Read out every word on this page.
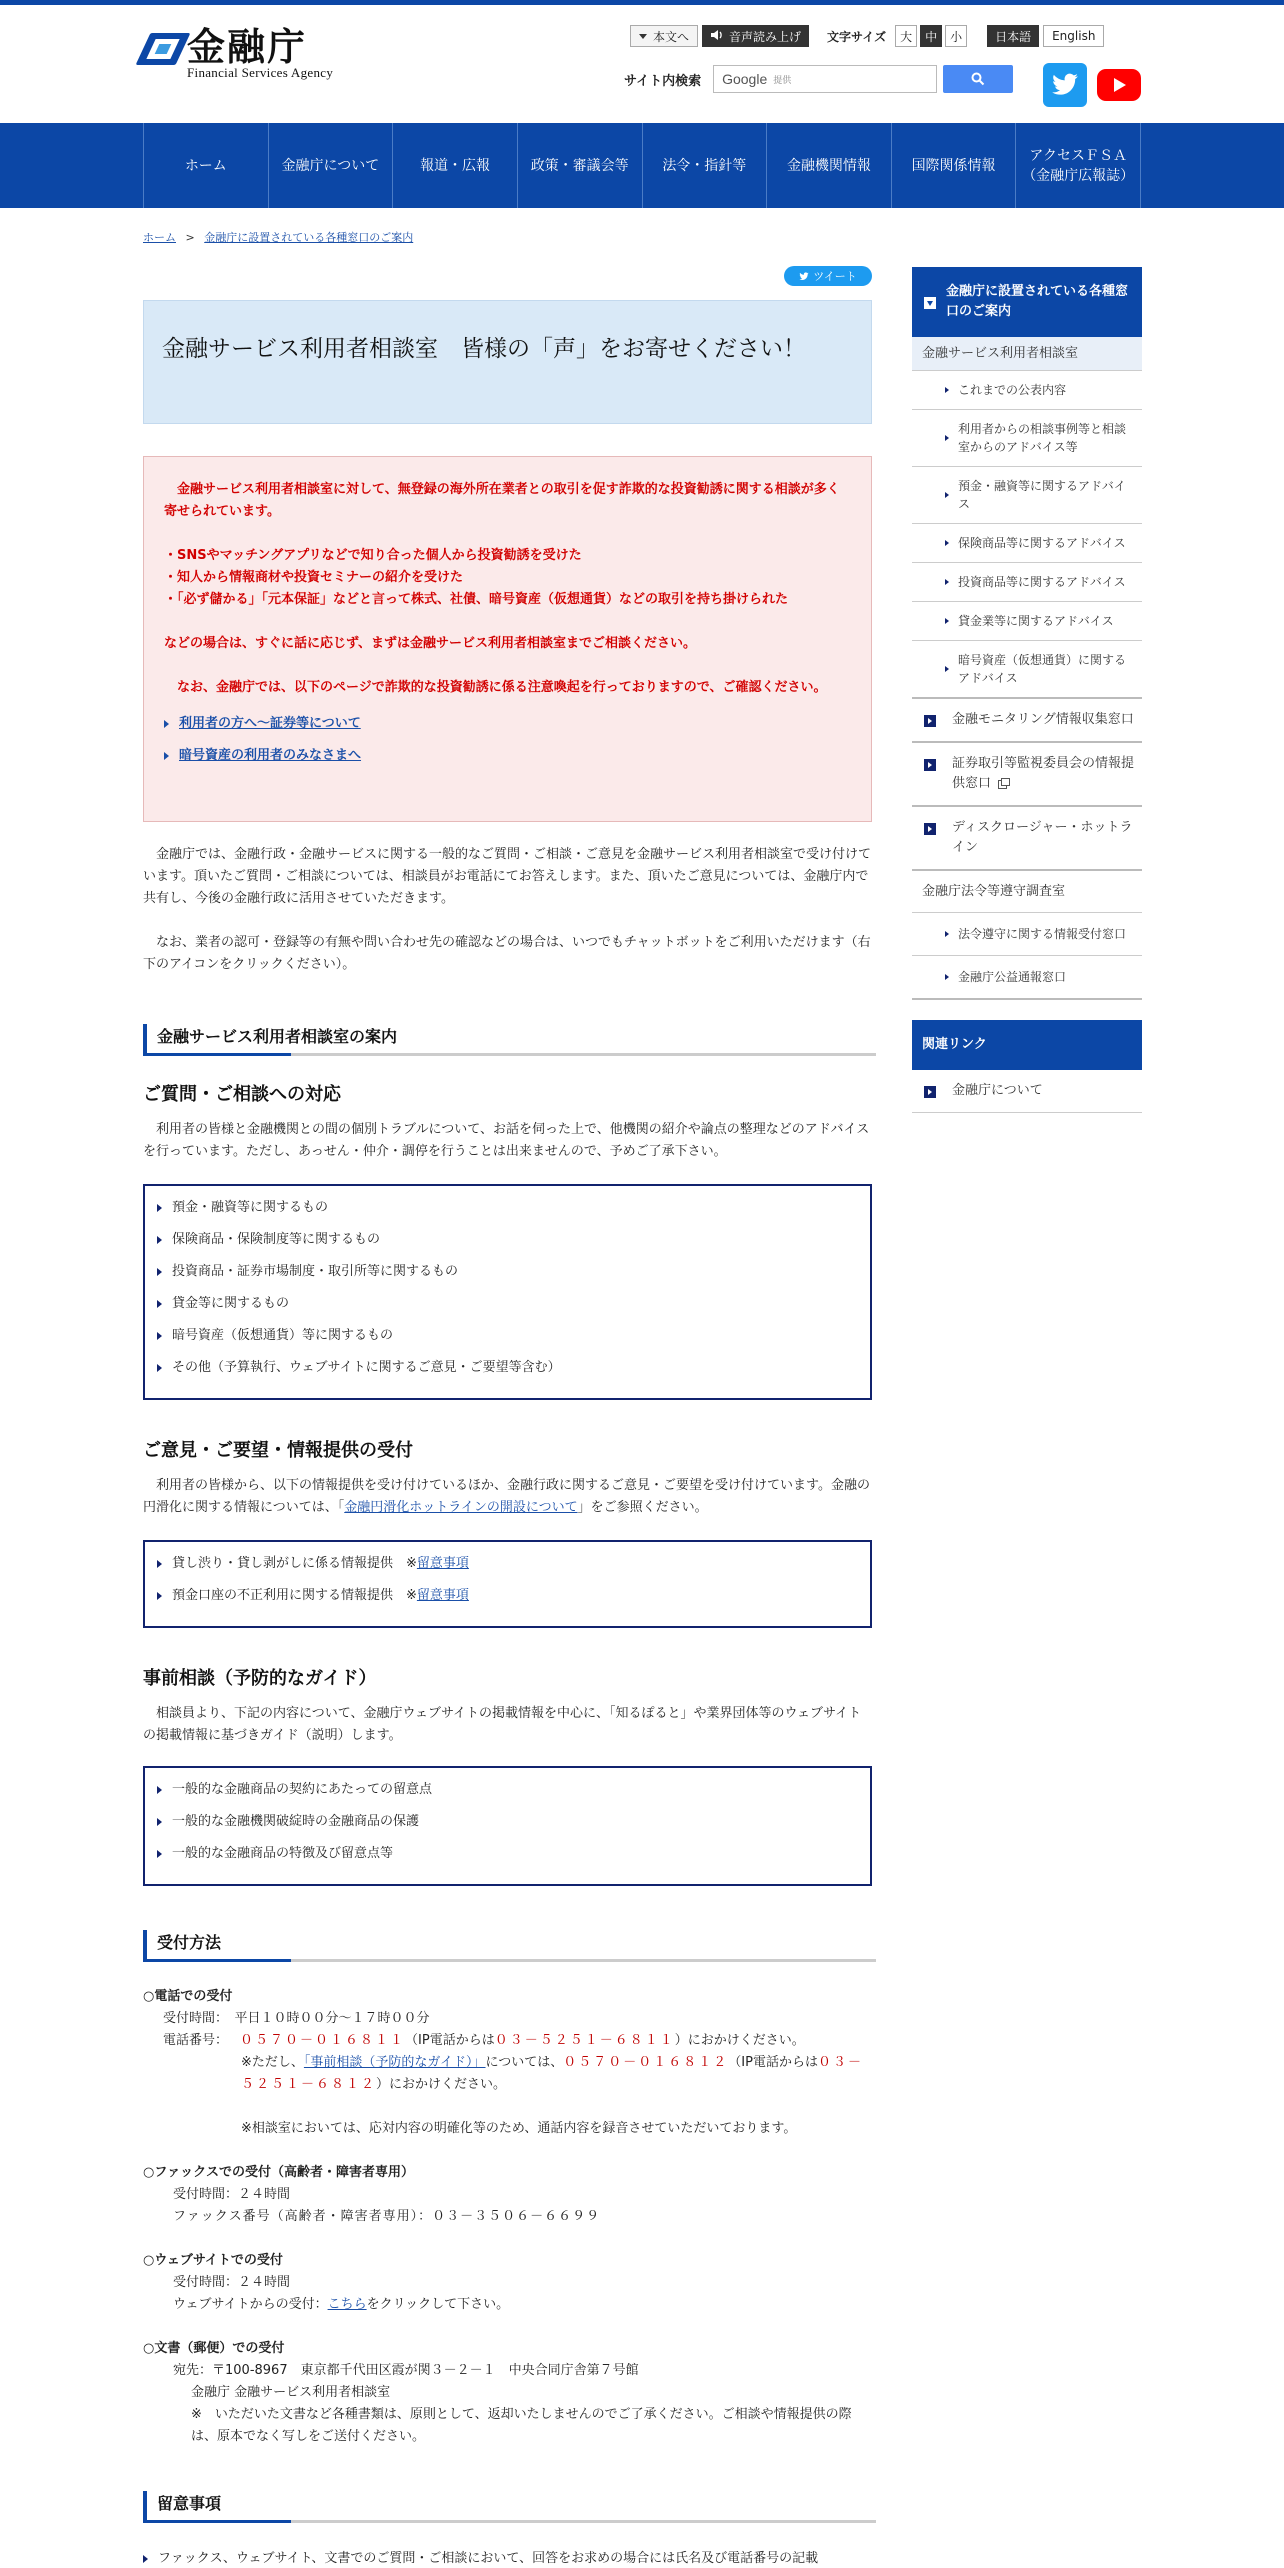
金融庁
Financial Services Agency
本文へ	音声読み上げ 文字サイズ	大	中	小	日本語	English
サイト内検索 Google 提供
ホーム	金融庁について	報道・広報	政策・審議会等	法令・指針等	金融機関情報	国際関係情報
アクセスＦＳＡ
（金融庁広報誌）
ホーム > 金融庁に設置されている各種窓口のご案内
ツイート
金融サービス利用者相談室　皆様の「声」をお寄せください！

金融サービス利用者相談室に対して、無登録の海外所在業者との取引を促す詐欺的な投資勧誘に関する相談が多く寄せられています。

・SNSやマッチングアプリなどで知り合った個人から投資勧誘を受けた

・知人から情報商材や投資セミナーの紹介を受けた

・「必ず儲かる」「元本保証」などと言って株式、社債、暗号資産（仮想通貨）などの取引を持ち掛けられた

などの場合は、すぐに話に応じず、まずは金融サービス利用者相談室までご相談ください。

なお、金融庁では、以下のページで詐欺的な投資勧誘に係る注意喚起を行っておりますので、ご確認ください。

利用者の方へ～証券等について
暗号資産の利用者のみなさまへ

金融庁では、金融行政・金融サービスに関する一般的なご質問・ご相談・ご意見を金融サービス利用者相談室で受け付けています。頂いたご質問・ご相談については、相談員がお電話にてお答えします。また、頂いたご意見については、金融庁内で共有し、今後の金融行政に活用させていただきます。

なお、業者の認可・登録等の有無や問い合わせ先の確認などの場合は、いつでもチャットボットをご利用いただけます（右下のアイコンをクリックください）。

金融サービス利用者相談室の案内
ご質問・ご相談への対応

利用者の皆様と金融機関との間の個別トラブルについて、お話を伺った上で、他機関の紹介や論点の整理などのアドバイスを行っています。ただし、あっせん・仲介・調停を行うことは出来ませんので、予めご了承下さい。

預金・融資等に関するもの
保険商品・保険制度等に関するもの
投資商品・証券市場制度・取引所等に関するもの
貸金等に関するもの
暗号資産（仮想通貨）等に関するもの
その他（予算執行、ウェブサイトに関するご意見・ご要望等含む）
ご意見・ご要望・情報提供の受付

利用者の皆様から、以下の情報提供を受け付けているほか、金融行政に関するご意見・ご要望を受け付けています。金融の円滑化に関する情報については、「金融円滑化ホットラインの開設について」をご参照ください。

貸し渋り・貸し剥がしに係る情報提供　※留意事項
預金口座の不正利用に関する情報提供　※留意事項
事前相談（予防的なガイド）

相談員より、下記の内容について、金融庁ウェブサイトの掲載情報を中心に、「知るぽると」や業界団体等のウェブサイトの掲載情報に基づきガイド（説明）します。

一般的な金融商品の契約にあたっての留意点
一般的な金融機関破綻時の金融商品の保護
一般的な金融商品の特徴及び留意点等
受付方法
○電話での受付
受付時間：　平日１０時００分～１７時００分
電話番号： ０５７０－０１６８１１（IP電話からは０３－５２５１－６８１１）におかけください。
※ただし、「事前相談（予防的なガイド）」については、０５７０－０１６８１２（IP電話からは０３－５２５１－６８１２）におかけください。
※相談室においては、応対内容の明確化等のため、通話内容を録音させていただいております。
○ファックスでの受付（高齢者・障害者専用）
受付時間：２４時間
ファックス番号（高齢者・障害者専用）：０３－３５０６－６６９９
○ウェブサイトでの受付
受付時間：２４時間
ウェブサイトからの受付：こちらをクリックして下さい。
○文書（郵便）での受付
宛先：〒100-8967　東京都千代田区霞が関３－２－１　中央合同庁舎第７号館
金融庁 金融サービス利用者相談室
※　いただいた文書など各種書類は、原則として、返却いたしませんのでご了承ください。ご相談や情報提供の際は、原本でなく写しをご送付ください。
留意事項
ファックス、ウェブサイト、文書でのご質問・ご相談において、回答をお求めの場合には氏名及び電話番号の記載
金融庁に設置されている各種窓口のご案内
金融サービス利用者相談室
これまでの公表内容
利用者からの相談事例等と相談室からのアドバイス等
預金・融資等に関するアドバイス
保険商品等に関するアドバイス
投資商品等に関するアドバイス
貸金業等に関するアドバイス
暗号資産（仮想通貨）に関するアドバイス
金融モニタリング情報収集窓口
証券取引等監視委員会の情報提供窓口
ディスクロージャー・ホットライン
金融庁法令等遵守調査室
法令遵守に関する情報受付窓口
金融庁公益通報窓口
関連リンク
金融庁について
